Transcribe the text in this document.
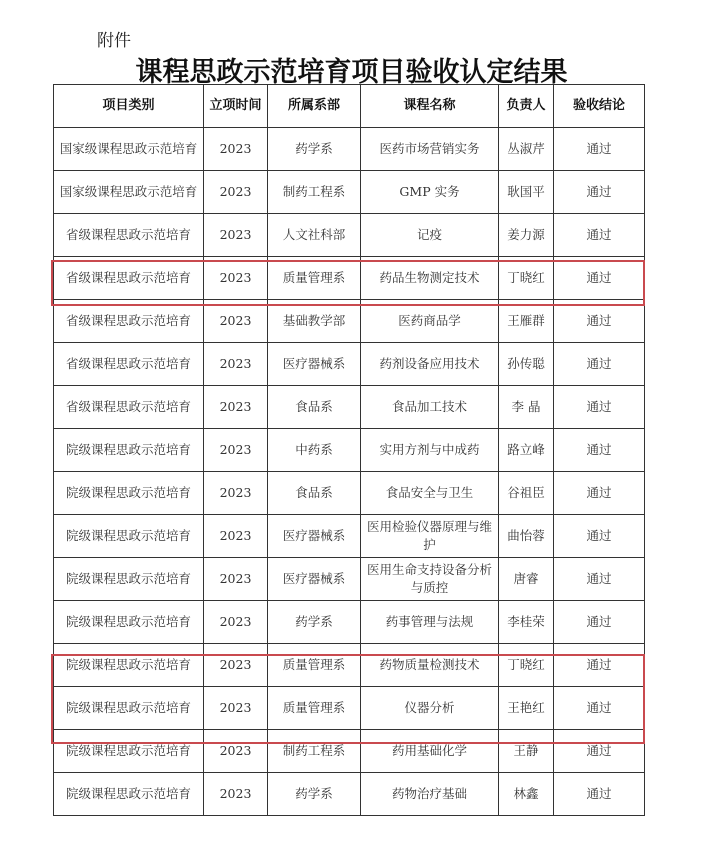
附件
课程思政示范培育项目验收认定结果
项目类别	立项时间	所属系部	课程名称	负责人	验收结论
国家级课程思政示范培育	2023	药学系	医药市场营销实务	丛淑芹	通过
国家级课程思政示范培育	2023	制药工程系	GMP 实务	耿国平	通过
省级课程思政示范培育	2023	人文社科部	记疫	姜力源	通过
省级课程思政示范培育	2023	质量管理系	药品生物测定技术	丁晓红	通过
省级课程思政示范培育	2023	基础教学部	医药商品学	王雁群	通过
省级课程思政示范培育	2023	医疗器械系	药剂设备应用技术	孙传聪	通过
省级课程思政示范培育	2023	食品系	食品加工技术	李 晶	通过
院级课程思政示范培育	2023	中药系	实用方剂与中成药	路立峰	通过
院级课程思政示范培育	2023	食品系	食品安全与卫生	谷祖臣	通过
院级课程思政示范培育	2023	医疗器械系	医用检验仪器原理与维护	曲怡蓉	通过
院级课程思政示范培育	2023	医疗器械系	医用生命支持设备分析与质控	唐睿	通过
院级课程思政示范培育	2023	药学系	药事管理与法规	李桂荣	通过
院级课程思政示范培育	2023	质量管理系	药物质量检测技术	丁晓红	通过
院级课程思政示范培育	2023	质量管理系	仪器分析	王艳红	通过
院级课程思政示范培育	2023	制药工程系	药用基础化学	王静	通过
院级课程思政示范培育	2023	药学系	药物治疗基础	林鑫	通过
